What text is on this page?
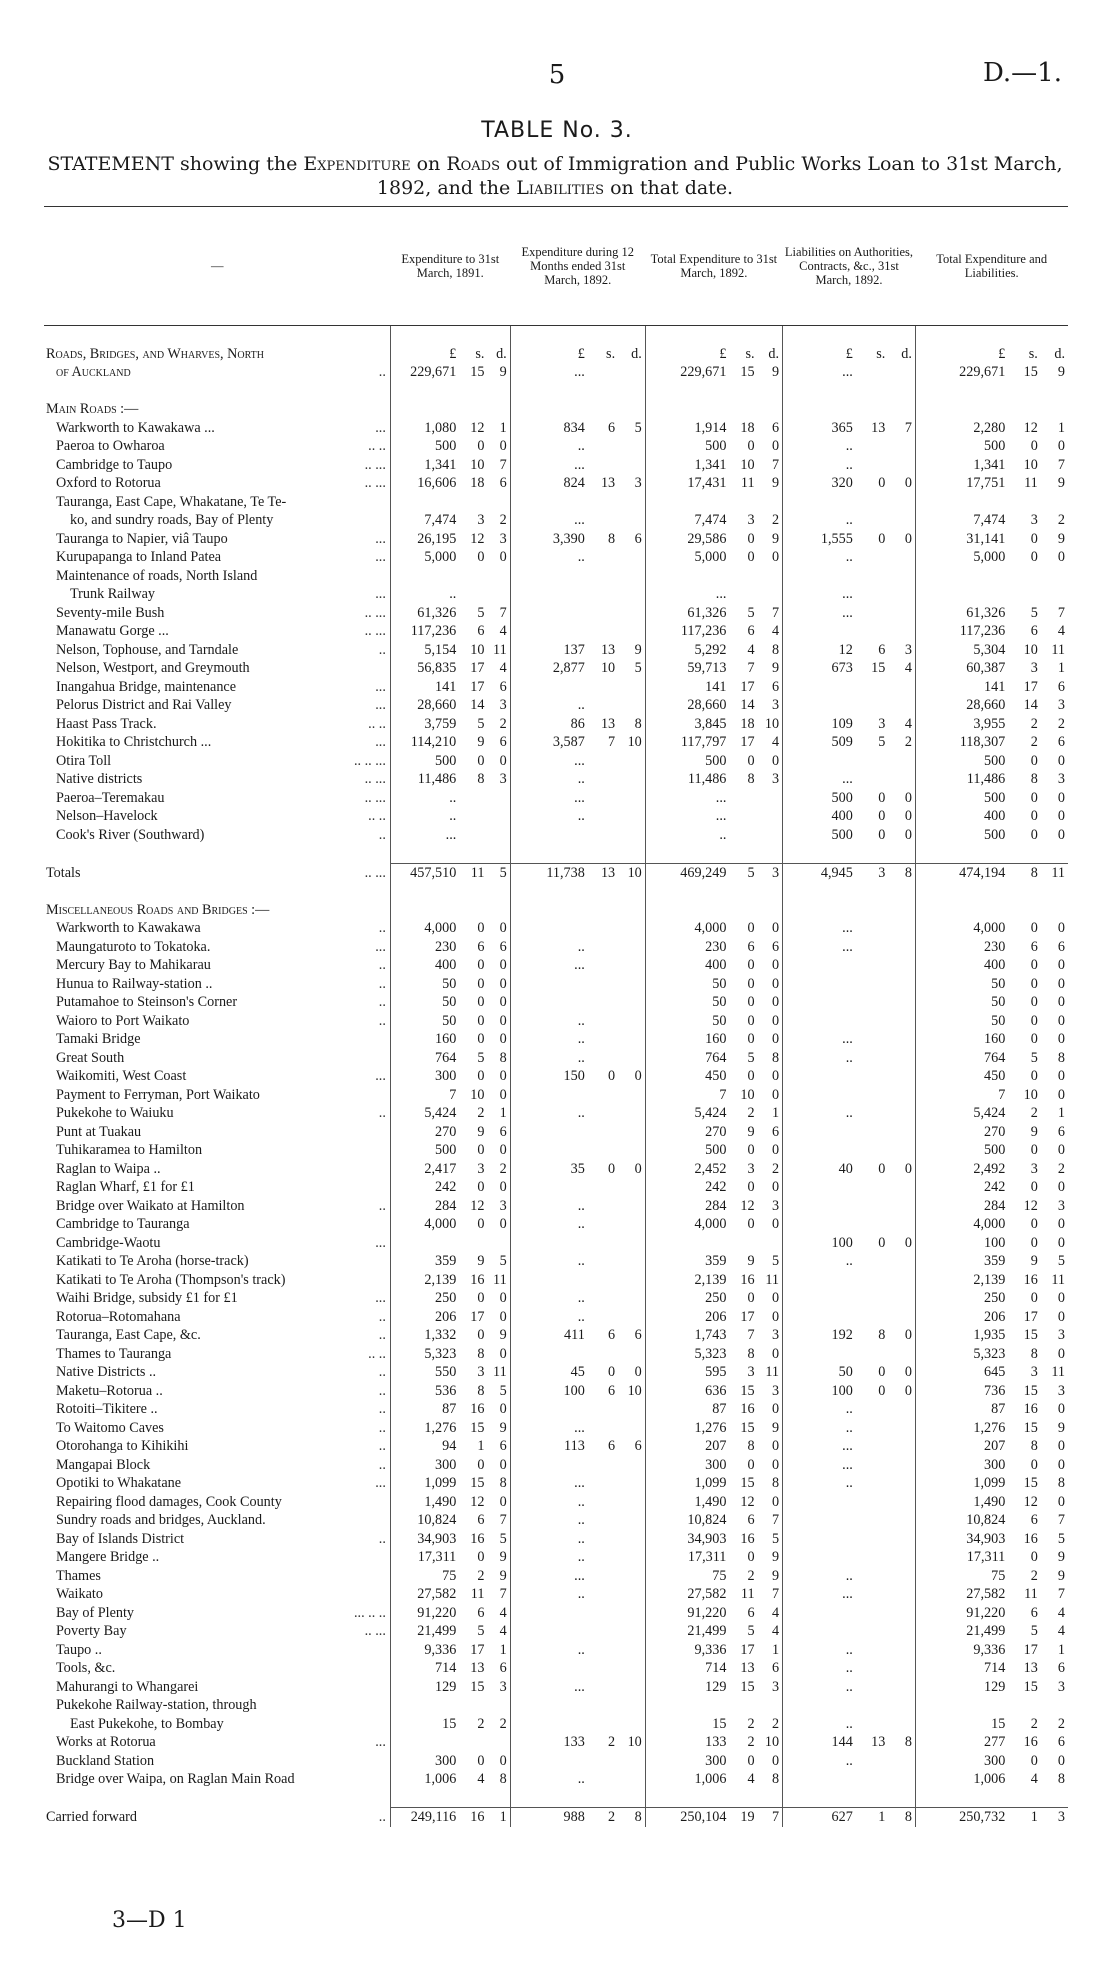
5	D.—1.
TABLE No. 3.
STATEMENT showing the Expenditure on Roads out of Immigration and Public Works Loan to 31st March, 1892, and the Liabilities on that date.
—	Expenditure to 31st March, 1891.			Expenditure during 12 Months ended 31st March, 1892.			Total Expenditure to 31st March, 1892.			Liabilities on Authorities, Contracts, &c., 31st March, 1892.			Total Expenditure and Liabilities.		

Roads, Bridges, and Wharves, North	£	s.	d.	£	s.	d.	£	s.	d.	£	s.	d.	£	s.	d.
of Auckland ..	229,671	15	9	...			229,671	15	9	...			229,671	15	9

Main Roads :—															
Warkworth to Kawakawa ... ...	1,080	12	1	834	6	5	1,914	18	6	365	13	7	2,280	12	1
Paeroa to Owharoa .. ..	500	0	0	..			500	0	0	..			500	0	0
Cambridge to Taupo .. ...	1,341	10	7	...			1,341	10	7	..			1,341	10	7
Oxford to Rotorua .. ...	16,606	18	6	824	13	3	17,431	11	9	320	0	0	17,751	11	9
Tauranga, East Cape, Whakatane, Te Te-															
ko, and sundry roads, Bay of Plenty	7,474	3	2	...			7,474	3	2	..			7,474	3	2
Tauranga to Napier, viâ Taupo ...	26,195	12	3	3,390	8	6	29,586	0	9	1,555	0	0	31,141	0	9
Kurupapanga to Inland Patea ...	5,000	0	0	..			5,000	0	0	..			5,000	0	0
Maintenance of roads, North Island															
Trunk Railway ...	..						...			...					
Seventy-mile Bush .. ...	61,326	5	7				61,326	5	7	...			61,326	5	7
Manawatu Gorge ... .. ...	117,236	6	4				117,236	6	4				117,236	6	4
Nelson, Tophouse, and Tarndale ..	5,154	10	11	137	13	9	5,292	4	8	12	6	3	5,304	10	11
Nelson, Westport, and Greymouth	56,835	17	4	2,877	10	5	59,713	7	9	673	15	4	60,387	3	1
Inangahua Bridge, maintenance ...	141	17	6				141	17	6				141	17	6
Pelorus District and Rai Valley ...	28,660	14	3	..			28,660	14	3				28,660	14	3
Haast Pass Track. .. ..	3,759	5	2	86	13	8	3,845	18	10	109	3	4	3,955	2	2
Hokitika to Christchurch ... ...	114,210	9	6	3,587	7	10	117,797	17	4	509	5	2	118,307	2	6
Otira Toll .. .. ...	500	0	0	...			500	0	0				500	0	0
Native districts .. ...	11,486	8	3	..			11,486	8	3	...			11,486	8	3
Paeroa–Teremakau .. ...	..			...			...			500	0	0	500	0	0
Nelson–Havelock .. ..	..			..			...			400	0	0	400	0	0
Cook's River (Southward) ..	...						..			500	0	0	500	0	0

Totals .. ...	457,510	11	5	11,738	13	10	469,249	5	3	4,945	3	8	474,194	8	11

Miscellaneous Roads and Bridges :—															
Warkworth to Kawakawa ..	4,000	0	0				4,000	0	0	...			4,000	0	0
Maungaturoto to Tokatoka. ...	230	6	6	..			230	6	6	...			230	6	6
Mercury Bay to Mahikarau ..	400	0	0	...			400	0	0				400	0	0
Hunua to Railway-station .. ..	50	0	0				50	0	0				50	0	0
Putamahoe to Steinson's Corner ..	50	0	0				50	0	0				50	0	0
Waioro to Port Waikato ..	50	0	0	..			50	0	0				50	0	0
Tamaki Bridge	160	0	0	..			160	0	0	...			160	0	0
Great South	764	5	8	..			764	5	8	..			764	5	8
Waikomiti, West Coast ...	300	0	0	150	0	0	450	0	0				450	0	0
Payment to Ferryman, Port Waikato	7	10	0				7	10	0				7	10	0
Pukekohe to Waiuku ..	5,424	2	1	..			5,424	2	1	..			5,424	2	1
Punt at Tuakau	270	9	6				270	9	6				270	9	6
Tuhikaramea to Hamilton	500	0	0				500	0	0				500	0	0
Raglan to Waipa ..	2,417	3	2	35	0	0	2,452	3	2	40	0	0	2,492	3	2
Raglan Wharf, £1 for £1	242	0	0				242	0	0				242	0	0
Bridge over Waikato at Hamilton ..	284	12	3	..			284	12	3				284	12	3
Cambridge to Tauranga	4,000	0	0	..			4,000	0	0				4,000	0	0
Cambridge-Waotu ...										100	0	0	100	0	0
Katikati to Te Aroha (horse-track)	359	9	5	..			359	9	5	..			359	9	5
Katikati to Te Aroha (Thompson's track)	2,139	16	11				2,139	16	11				2,139	16	11
Waihi Bridge, subsidy £1 for £1 ...	250	0	0	..			250	0	0				250	0	0
Rotorua–Rotomahana ..	206	17	0	..			206	17	0				206	17	0
Tauranga, East Cape, &c. ..	1,332	0	9	411	6	6	1,743	7	3	192	8	0	1,935	15	3
Thames to Tauranga .. ..	5,323	8	0				5,323	8	0				5,323	8	0
Native Districts .. ..	550	3	11	45	0	0	595	3	11	50	0	0	645	3	11
Maketu–Rotorua .. ..	536	8	5	100	6	10	636	15	3	100	0	0	736	15	3
Rotoiti–Tikitere .. ..	87	16	0				87	16	0	..			87	16	0
To Waitomo Caves ..	1,276	15	9	...			1,276	15	9	..			1,276	15	9
Otorohanga to Kihikihi ..	94	1	6	113	6	6	207	8	0	...			207	8	0
Mangapai Block ..	300	0	0				300	0	0	...			300	0	0
Opotiki to Whakatane ...	1,099	15	8	...			1,099	15	8	..			1,099	15	8
Repairing flood damages, Cook County	1,490	12	0	..			1,490	12	0				1,490	12	0
Sundry roads and bridges, Auckland.	10,824	6	7	..			10,824	6	7				10,824	6	7
Bay of Islands District ..	34,903	16	5	..			34,903	16	5				34,903	16	5
Mangere Bridge ..	17,311	0	9	..			17,311	0	9				17,311	0	9
Thames	75	2	9	...			75	2	9	..			75	2	9
Waikato	27,582	11	7	..			27,582	11	7	...			27,582	11	7
Bay of Plenty ... .. ..	91,220	6	4				91,220	6	4				91,220	6	4
Poverty Bay .. ...	21,499	5	4				21,499	5	4				21,499	5	4
Taupo ..	9,336	17	1	..			9,336	17	1	..			9,336	17	1
Tools, &c.	714	13	6				714	13	6	..			714	13	6
Mahurangi to Whangarei	129	15	3	...			129	15	3	..			129	15	3
Pukekohe Railway-station, through															
East Pukekohe, to Bombay	15	2	2				15	2	2	..			15	2	2
Works at Rotorua ...				133	2	10	133	2	10	144	13	8	277	16	6
Buckland Station	300	0	0				300	0	0	..			300	0	0
Bridge over Waipa, on Raglan Main Road	1,006	4	8	..			1,006	4	8				1,006	4	8

Carried forward ..	249,116	16	1	988	2	8	250,104	19	7	627	1	8	250,732	1	3
3—D 1
